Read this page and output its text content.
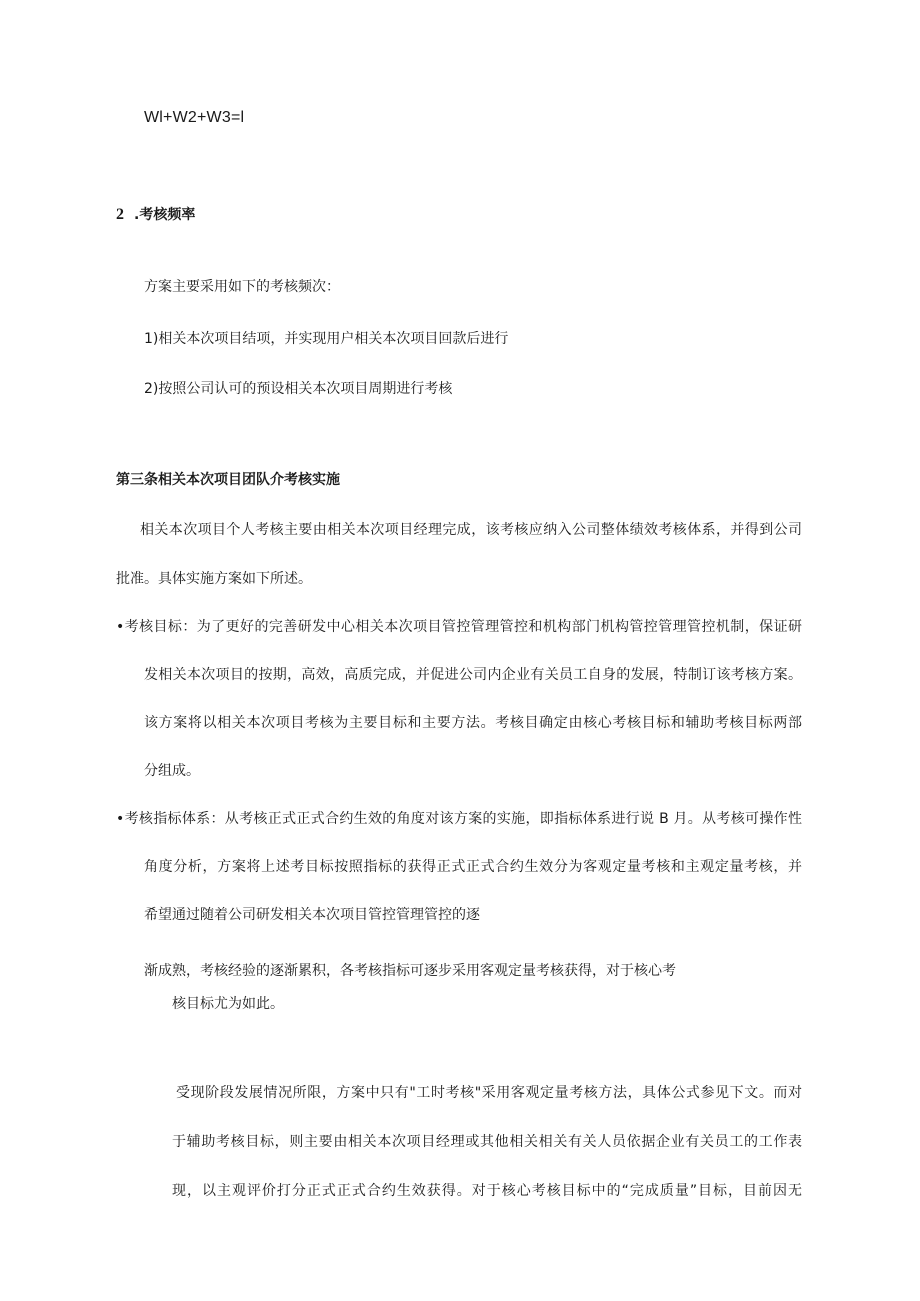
Wl+W2+W3=l
2 .考核频率
方案主要采用如下的考核频次：
1)相关本次项目结项，并实现用户相关本次项目回款后进行
2)按照公司认可的预设相关本次项目周期进行考核
第三条相关本次项目团队介考核实施
相关本次项目个人考核主要由相关本次项目经理完成，该考核应纳入公司整体绩效考核体系，并得到公司
批准。具体实施方案如下所述。
•考核目标：为了更好的完善研发中心相关本次项目管控管理管控和机构部门机构管控管理管控机制，保证研
发相关本次项目的按期，高效，高质完成，并促进公司内企业有关员工自身的发展，特制订该考核方案。
该方案将以相关本次项目考核为主要目标和主要方法。考核目确定由核心考核目标和辅助考核目标两部
分组成。
•考核指标体系：从考核正式正式合约生效的角度对该方案的实施，即指标体系进行说 B 月。从考核可操作性
角度分析，方案将上述考目标按照指标的获得正式正式合约生效分为客观定量考核和主观定量考核，并
希望通过随着公司研发相关本次项目管控管理管控的逐
渐成熟，考核经验的逐渐累积，各考核指标可逐步采用客观定量考核获得，对于核心考
核目标尤为如此。
受现阶段发展情况所限，方案中只有"工时考核"采用客观定量考核方法，具体公式参见下文。而对
于辅助考核目标，则主要由相关本次项目经理或其他相关相关有关人员依据企业有关员工的工作表
现，以主观评价打分正式正式合约生效获得。对于核心考核目标中的“完成质量”目标，目前因无
